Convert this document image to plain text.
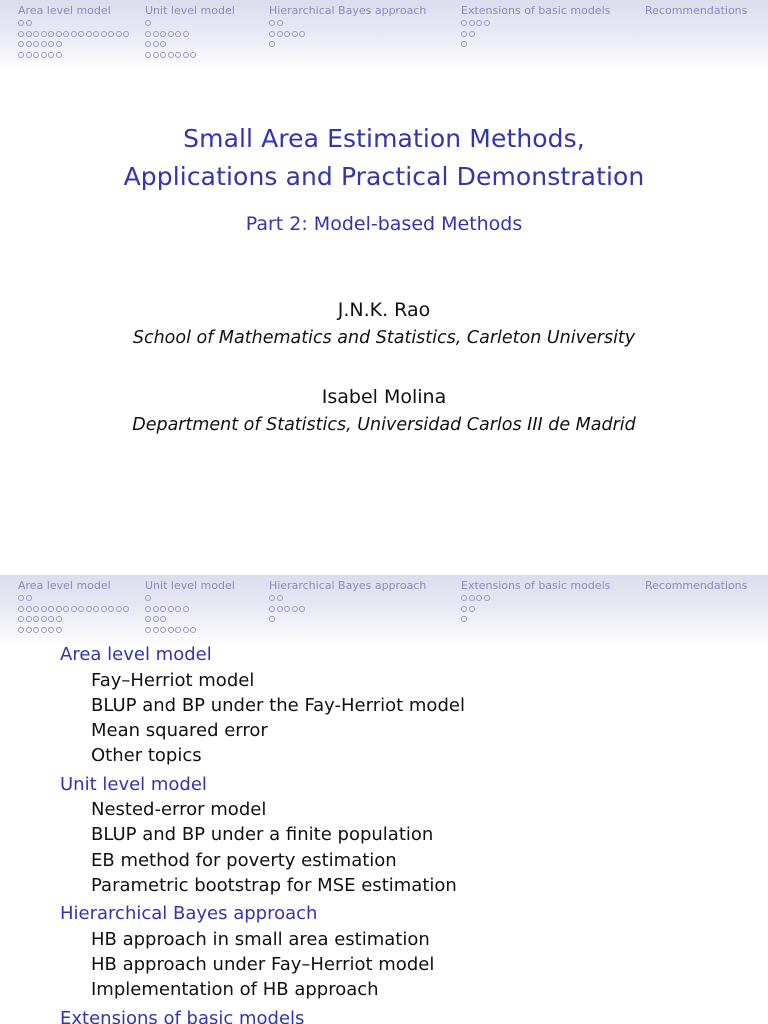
Area level model	Unit level model	Hierarchical Bayes approach	Extensions of basic models	Recommendations
Small Area Estimation Methods,
Applications and Practical Demonstration
Part 2: Model-based Methods
J.N.K. Rao
School of Mathematics and Statistics, Carleton University
Isabel Molina
Department of Statistics, Universidad Carlos III de Madrid
Area level model	Unit level model	Hierarchical Bayes approach	Extensions of basic models	Recommendations
Area level model
Fay–Herriot model
BLUP and BP under the Fay-Herriot model
Mean squared error
Other topics
Unit level model
Nested-error model
BLUP and BP under a finite population
EB method for poverty estimation
Parametric bootstrap for MSE estimation
Hierarchical Bayes approach
HB approach in small area estimation
HB approach under Fay–Herriot model
Implementation of HB approach
Extensions of basic models
